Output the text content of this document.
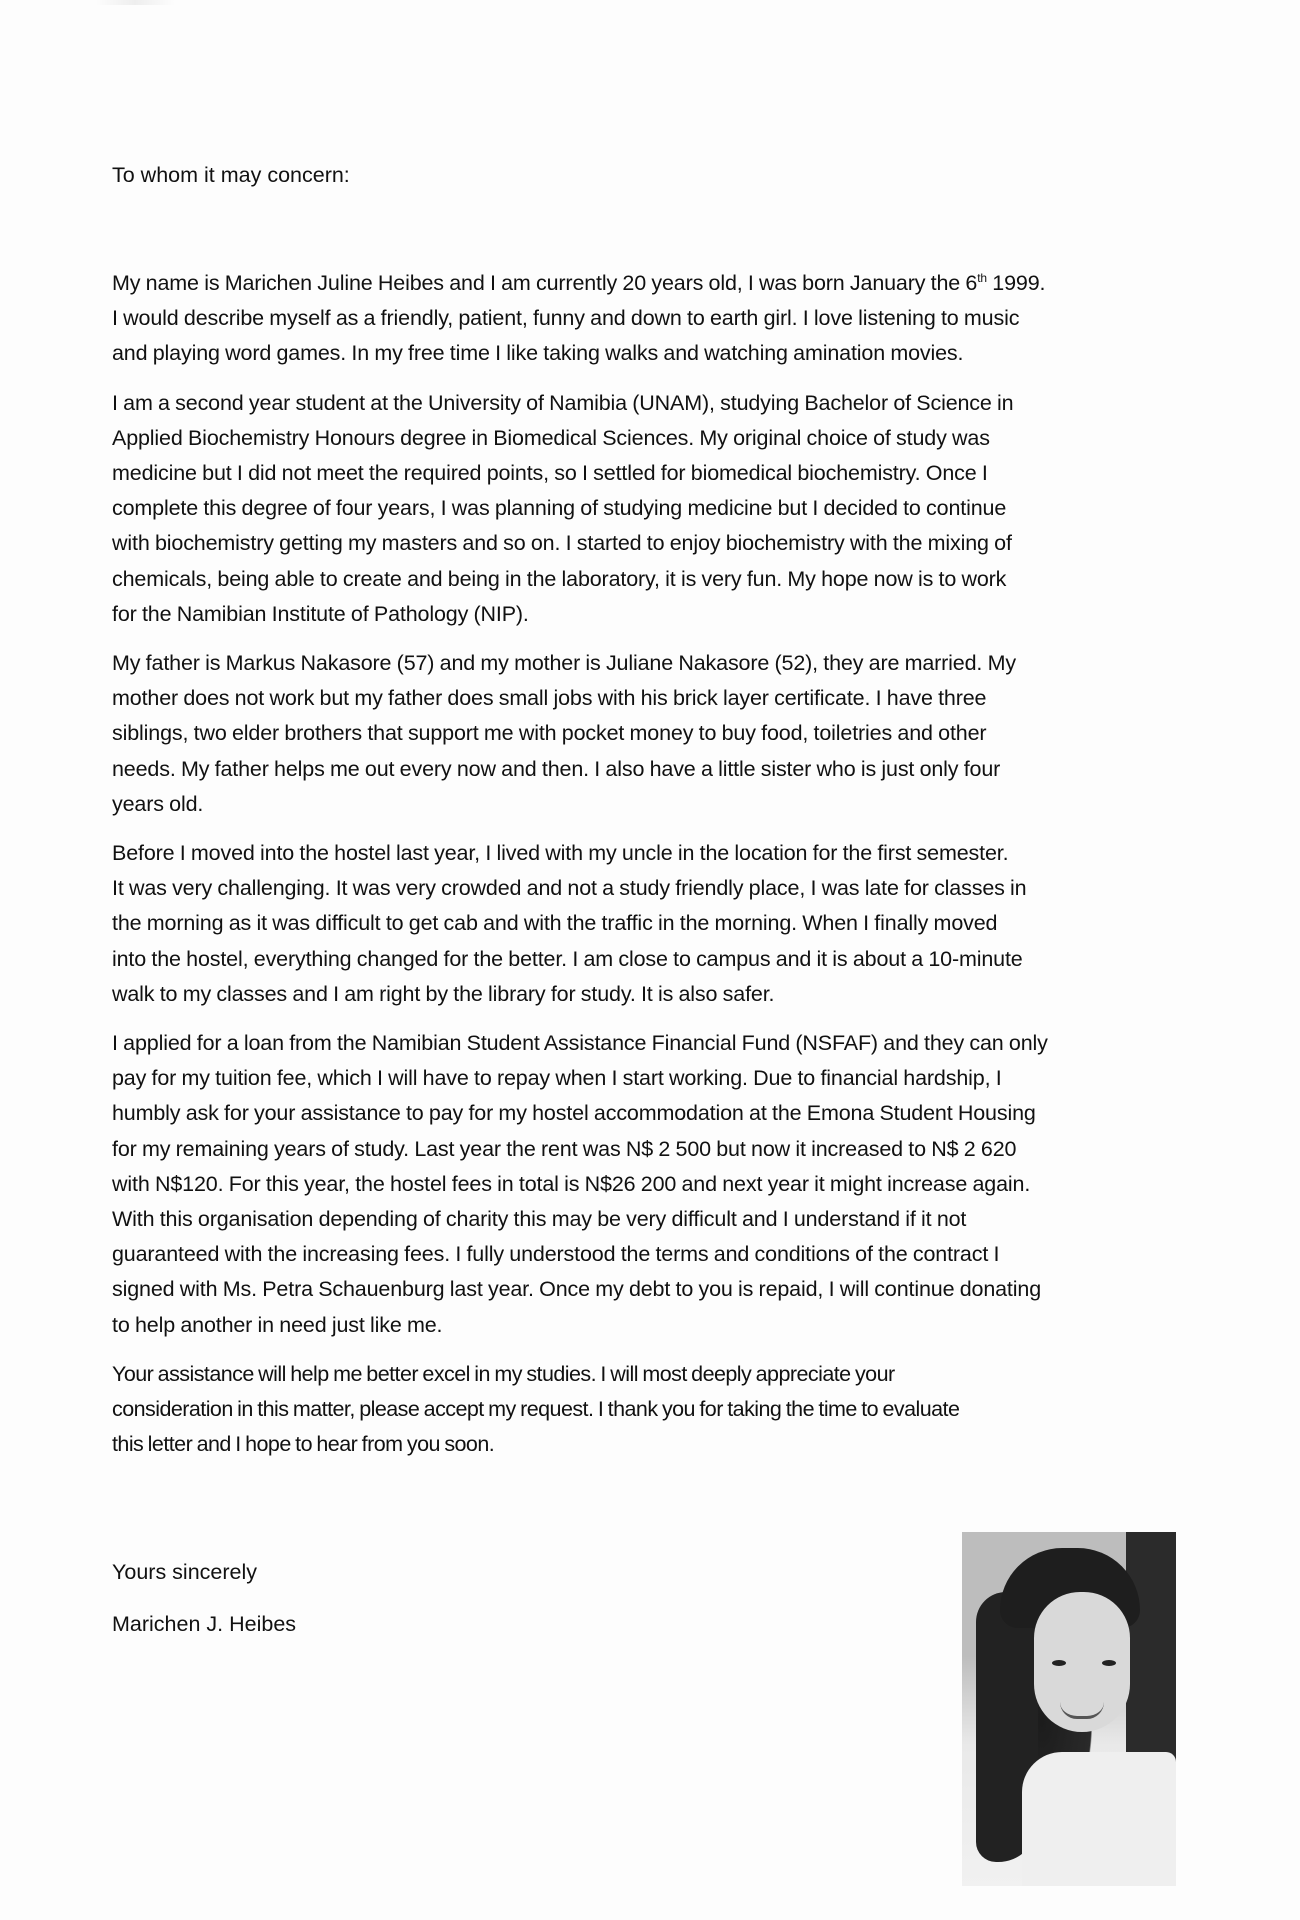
To whom it may concern:

My name is Marichen Juline Heibes and I am currently 20 years old, I was born January the 6th 1999.
I would describe myself as a friendly, patient, funny and down to earth girl. I love listening to music
and playing word games. In my free time I like taking walks and watching amination movies.

I am a second year student at the University of Namibia (UNAM), studying Bachelor of Science in
Applied Biochemistry Honours degree in Biomedical Sciences. My original choice of study was
medicine but I did not meet the required points, so I settled for biomedical biochemistry. Once I
complete this degree of four years, I was planning of studying medicine but I decided to continue
with biochemistry getting my masters and so on. I started to enjoy biochemistry with the mixing of
chemicals, being able to create and being in the laboratory, it is very fun. My hope now is to work
for the Namibian Institute of Pathology (NIP).

My father is Markus Nakasore (57) and my mother is Juliane Nakasore (52), they are married. My
mother does not work but my father does small jobs with his brick layer certificate. I have three
siblings, two elder brothers that support me with pocket money to buy food, toiletries and other
needs. My father helps me out every now and then. I also have a little sister who is just only four
years old.

Before I moved into the hostel last year, I lived with my uncle in the location for the first semester.
It was very challenging. It was very crowded and not a study friendly place, I was late for classes in
the morning as it was difficult to get cab and with the traffic in the morning. When I finally moved
into the hostel, everything changed for the better. I am close to campus and it is about a 10-minute
walk to my classes and I am right by the library for study. It is also safer.

I applied for a loan from the Namibian Student Assistance Financial Fund (NSFAF) and they can only
pay for my tuition fee, which I will have to repay when I start working. Due to financial hardship, I
humbly ask for your assistance to pay for my hostel accommodation at the Emona Student Housing
for my remaining years of study. Last year the rent was N$ 2 500 but now it increased to N$ 2 620
with N$120. For this year, the hostel fees in total is N$26 200 and next year it might increase again.
With this organisation depending of charity this may be very difficult and I understand if it not
guaranteed with the increasing fees. I fully understood the terms and conditions of the contract I
signed with Ms. Petra Schauenburg last year. Once my debt to you is repaid, I will continue donating
to help another in need just like me.

Your assistance will help me better excel in my studies. I will most deeply appreciate your
consideration in this matter, please accept my request. I thank you for taking the time to evaluate
this letter and I hope to hear from you soon.

Yours sincerely
Marichen J. Heibes
